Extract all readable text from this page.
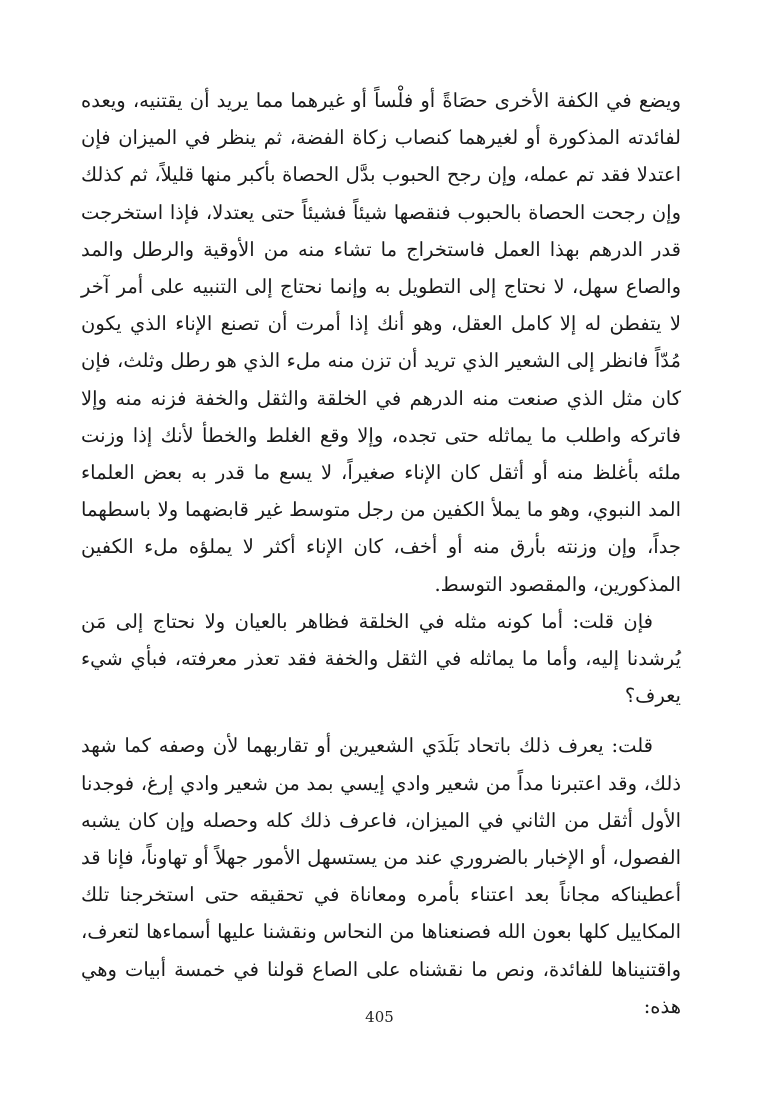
ويضع في الكفة الأخرى حصَاةً أو فلْساً أو غيرهما مما يريد أن يقتنيه، ويعده لفائدته المذكورة أو لغيرهما كنصاب زكاة الفضة، ثم ينظر في الميزان فإن اعتدلا فقد تم عمله، وإن رجح الحبوب بدَّل الحصاة بأكبر منها قليلاً، ثم كذلك وإن رجحت الحصاة بالحبوب فنقصها شيئاً فشيئاً حتى يعتدلا، فإذا استخرجت قدر الدرهم بهذا العمل فاستخراج ما تشاء منه من الأوقية والرطل والمد والصاع سهل، لا نحتاج إلى التطويل به وإنما نحتاج إلى التنبيه على أمر آخر لا يتفطن له إلا كامل العقل، وهو أنك إذا أمرت أن تصنع الإناء الذي يكون مُدّاً فانظر إلى الشعير الذي تريد أن تزن منه ملء الذي هو رطل وثلث، فإن كان مثل الذي صنعت منه الدرهم في الخلقة والثقل والخفة فزنه منه وإلا فاتركه واطلب ما يماثله حتى تجده، وإلا وقع الغلط والخطأ لأنك إذا وزنت ملئه بأغلظ منه أو أثقل كان الإناء صغيراً، لا يسع ما قدر به بعض العلماء المد النبوي، وهو ما يملأ الكفين من رجل متوسط غير قابضهما ولا باسطهما جداً، وإن وزنته بأرق منه أو أخف، كان الإناء أكثر لا يملؤه ملء الكفين المذكورين، والمقصود التوسط.

فإن قلت: أما كونه مثله في الخلقة فظاهر بالعيان ولا نحتاج إلى مَن يُرشدنا إليه، وأما ما يماثله في الثقل والخفة فقد تعذر معرفته، فبأي شيء يعرف؟

قلت: يعرف ذلك باتحاد بَلَدَي الشعيرين أو تقاربهما لأن وصفه كما شهد ذلك، وقد اعتبرنا مداً من شعير وادي إيسي بمد من شعير وادي إرغ، فوجدنا الأول أثقل من الثاني في الميزان، فاعرف ذلك كله وحصله وإن كان يشبه الفصول، أو الإخبار بالضروري عند من يستسهل الأمور جهلاً أو تهاوناً، فإنا قد أعطيناكه مجاناً بعد اعتناء بأمره ومعاناة في تحقيقه حتى استخرجنا تلك المكاييل كلها بعون الله فصنعناها من النحاس ونقشنا عليها أسماءها لتعرف، واقتنيناها للفائدة، ونص ما نقشناه على الصاع قولنا في خمسة أبيات وهي هذه:

405
